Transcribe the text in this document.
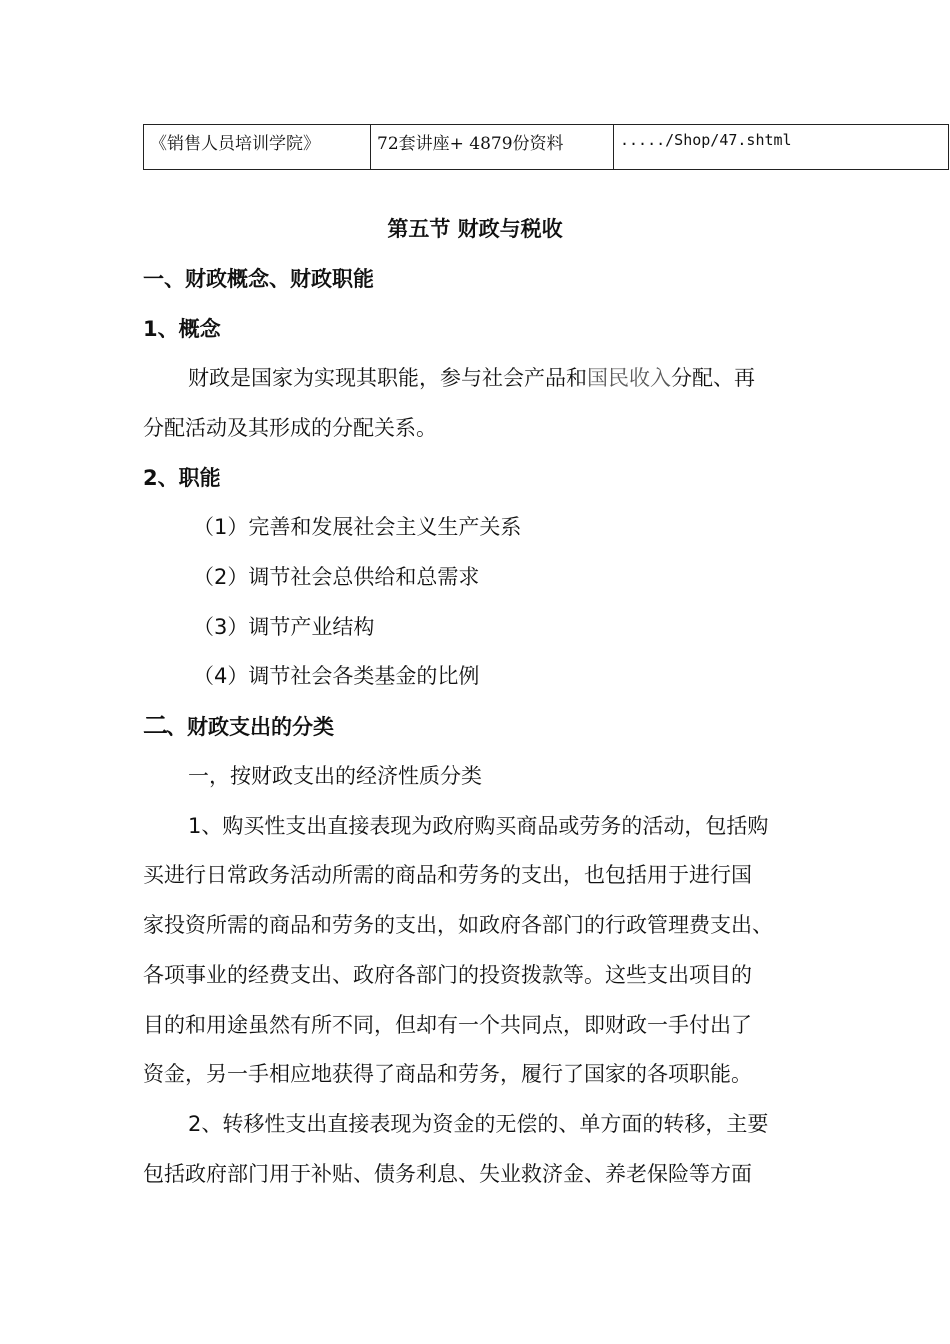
《销售人员培训学院》	72套讲座+ 4879份资料	...../Shop/47.shtml
第五节 财政与税收
一、财政概念、财政职能
1、概念
财政是国家为实现其职能，参与社会产品和国民收入分配、再
分配活动及其形成的分配关系。
2、职能
（1）完善和发展社会主义生产关系
（2）调节社会总供给和总需求
（3）调节产业结构
（4）调节社会各类基金的比例
二、财政支出的分类
一，按财政支出的经济性质分类
1、购买性支出直接表现为政府购买商品或劳务的活动，包括购
买进行日常政务活动所需的商品和劳务的支出，也包括用于进行国
家投资所需的商品和劳务的支出，如政府各部门的行政管理费支出、
各项事业的经费支出、政府各部门的投资拨款等。这些支出项目的
目的和用途虽然有所不同，但却有一个共同点，即财政一手付出了
资金，另一手相应地获得了商品和劳务，履行了国家的各项职能。
2、转移性支出直接表现为资金的无偿的、单方面的转移，主要
包括政府部门用于补贴、债务利息、失业救济金、养老保险等方面
